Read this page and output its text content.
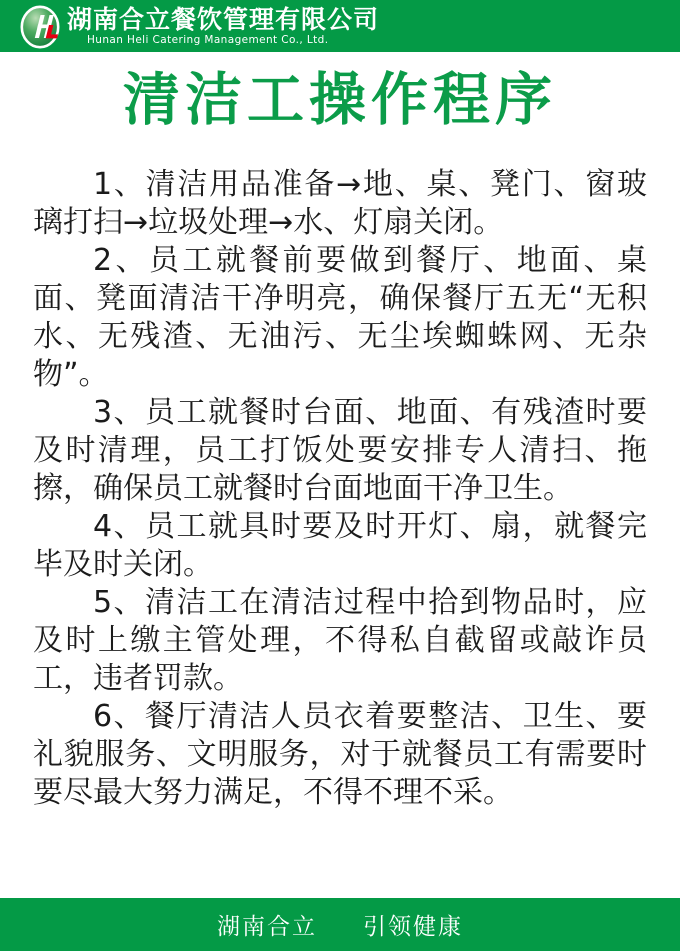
湖南合立餐饮管理有限公司
Hunan Heli Catering Management Co., Ltd.
清洁工操作程序

1、清洁用品准备→地、桌、凳门、窗玻璃打扫→垃圾处理→水、灯扇关闭。

2、员工就餐前要做到餐厅、地面、桌面、凳面清洁干净明亮，确保餐厅五无“无积水、无残渣、无油污、无尘埃蜘蛛网、无杂物”。

3、员工就餐时台面、地面、有残渣时要及时清理，员工打饭处要安排专人清扫、拖擦，确保员工就餐时台面地面干净卫生。

4、员工就具时要及时开灯、扇，就餐完毕及时关闭。

5、清洁工在清洁过程中拾到物品时，应及时上缴主管处理，不得私自截留或敲诈员工，违者罚款。

6、餐厅清洁人员衣着要整洁、卫生、要礼貌服务、文明服务，对于就餐员工有需要时要尽最大努力满足，不得不理不采。

湖南合立 引领健康
